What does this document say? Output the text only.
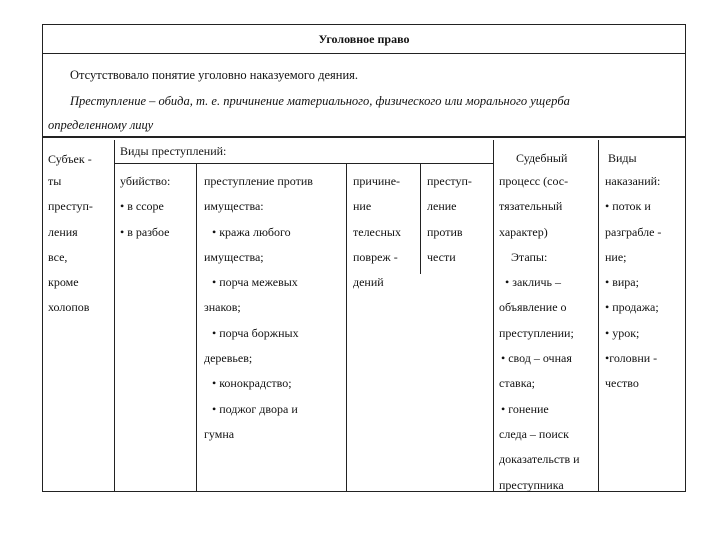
Уголовное право
Отсутствовало понятие уголовно наказуемого деяния.
Преступление – обида, т. е. причинение материального, физического или морального ущерба
определенному лицу
Субъек -
Виды преступлений:	Судебный	Виды
ты
преступ-
ления
все,
кроме
холопов
убийство:
• в ссоре
• в разбое
преступление против
имущества:
• кража любого
имущества;
• порча межевых
знаков;
• порча боржных
деревьев;
• конокрадство;
• поджог двора и
гумна
причине-
ние
телесных
повреж -
дений
преступ-
ление
против
чести
процесс (сос-
тязательный
характер)
Этапы:
• закличь –
объявление о
преступлении;
• свод – очная
ставка;
• гонение
следа – поиск
доказательств и
преступника
наказаний:
• поток и
разграбле -
ние;
• вира;
• продажа;
• урок;
•головни -
чество
